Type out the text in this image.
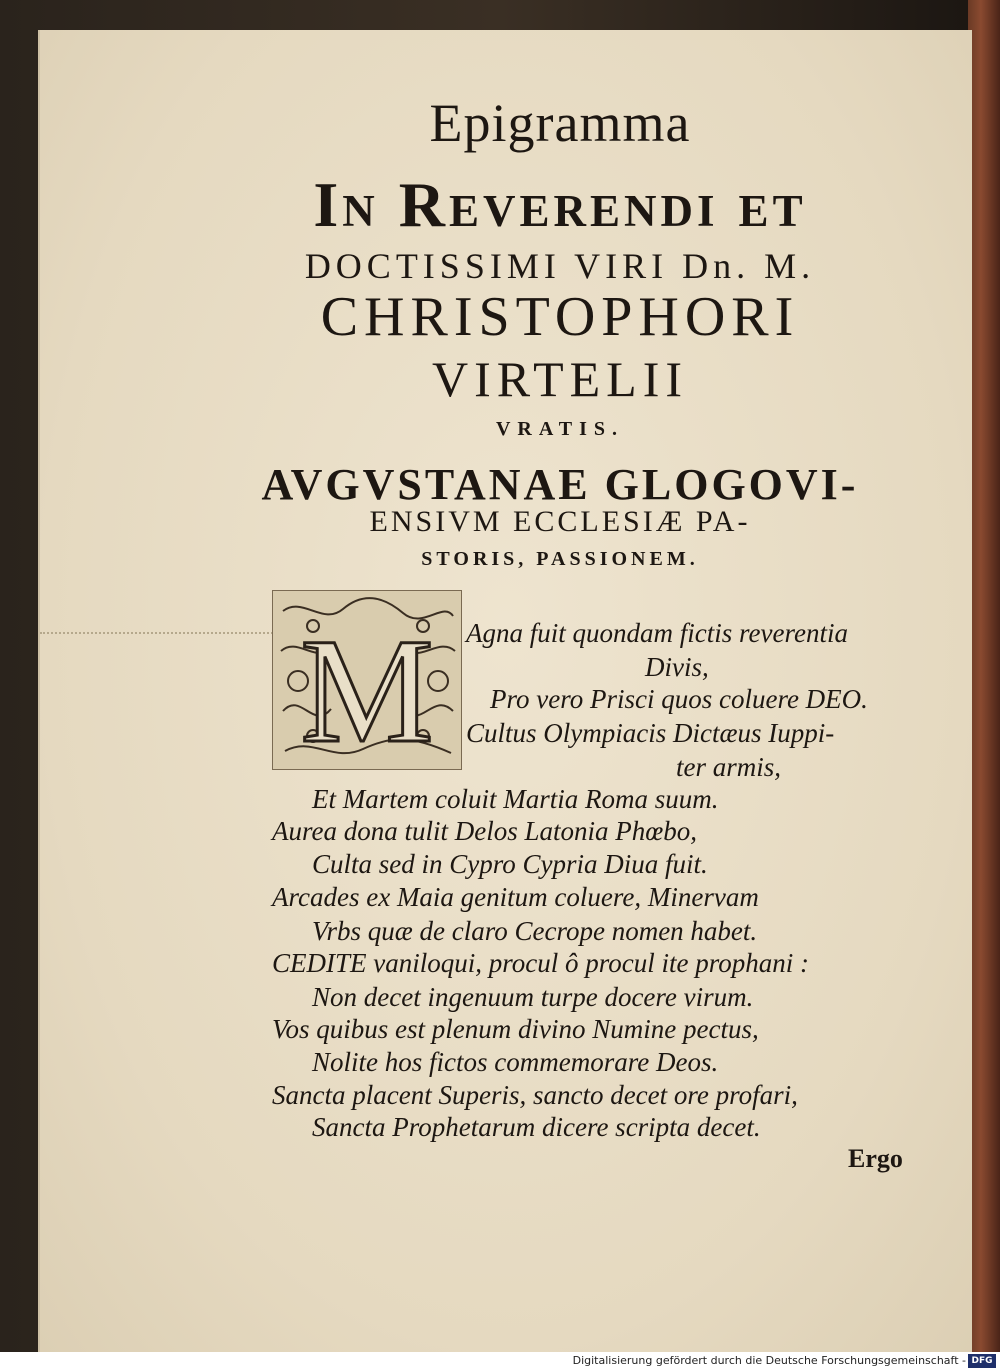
Epigramma
In Reverendi et
DOCTISSIMI VIRI Dn. M.
CHRISTOPHORI
VIRTELII
VRATIS.
AVGVSTANAE GLOGOVI-
ENSIVM ECCLESIÆ PA-
STORIS, PASSIONEM.
M Agna fuit quondam fictis reverentia
Divis,
Pro vero Prisci quos coluere DEO.
Cultus Olympiacis Dictæus Iuppi-
ter armis,
Et Martem coluit Martia Roma suum.
Aurea dona tulit Delos Latonia Phœbo,
Culta sed in Cypro Cypria Diua fuit.
Arcades ex Maia genitum coluere, Minervam
Vrbs quæ de claro Cecrope nomen habet.
CEDITE vaniloqui, procul ô procul ite prophani :
Non decet ingenuum turpe docere virum.
Vos quibus est plenum divino Numine pectus,
Nolite hos fictos commemorare Deos.
Sancta placent Superis, sancto decet ore profari,
Sancta Prophetarum dicere scripta decet.
Ergo
Digitalisierung gefördert durch die Deutsche Forschungsgemeinschaft - DFG
